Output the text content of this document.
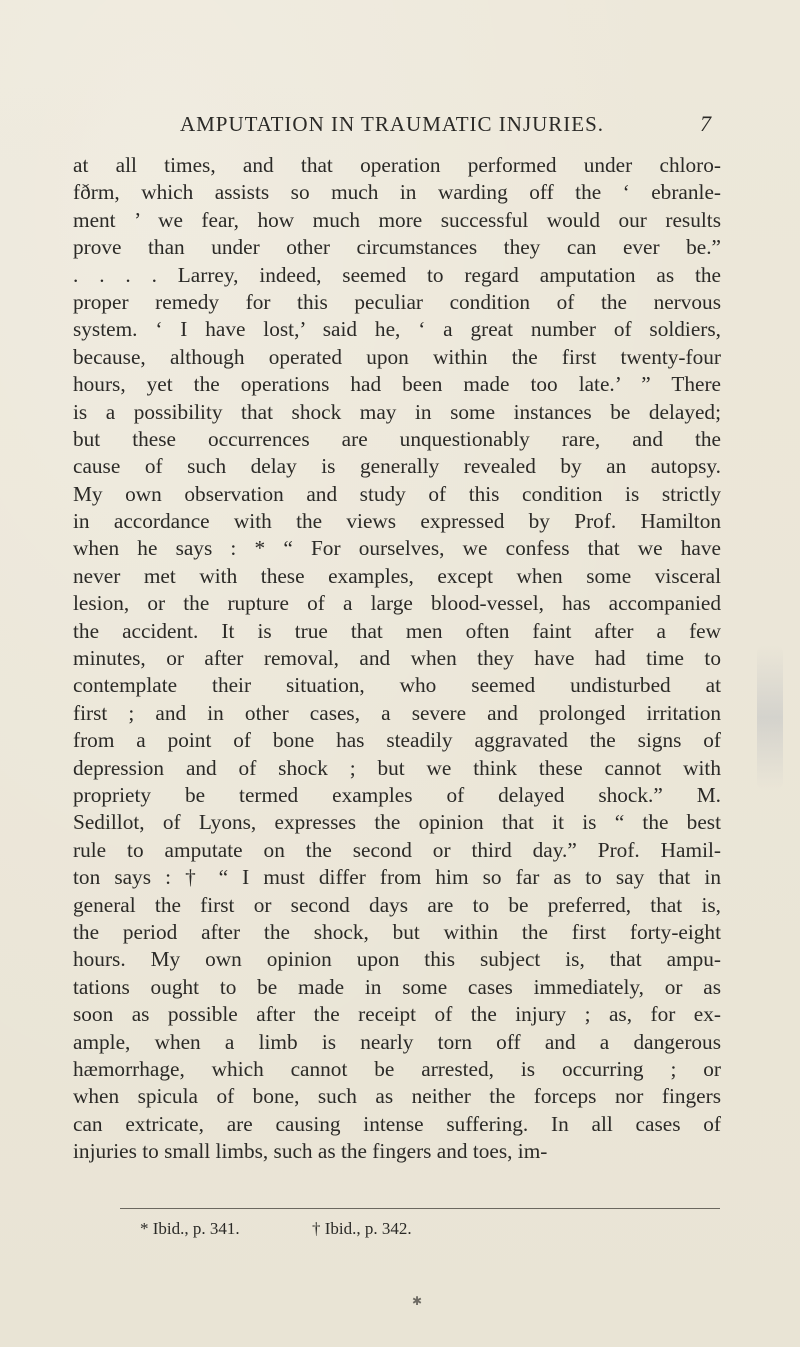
AMPUTATION IN TRAUMATIC INJURIES.	7
at all times, and that operation performed under chloro-
fðrm, which assists so much in warding off the ‘ ebranle-
ment ’ we fear, how much more successful would our results
prove than under other circumstances they can ever be.”
. . . . Larrey, indeed, seemed to regard amputation as the
proper remedy for this peculiar condition of the nervous
system. ‘ I have lost,’ said he, ‘ a great number of soldiers,
because, although operated upon within the first twenty-four
hours, yet the operations had been made too late.’ ” There
is a possibility that shock may in some instances be delayed;
but these occurrences are unquestionably rare, and the
cause of such delay is generally revealed by an autopsy.
My own observation and study of this condition is strictly
in accordance with the views expressed by Prof. Hamilton
when he says : * “ For ourselves, we confess that we have
never met with these examples, except when some visceral
lesion, or the rupture of a large blood-vessel, has accompanied
the accident. It is true that men often faint after a few
minutes, or after removal, and when they have had time to
contemplate their situation, who seemed undisturbed at
first ; and in other cases, a severe and prolonged irritation
from a point of bone has steadily aggravated the signs of
depression and of shock ; but we think these cannot with
propriety be termed examples of delayed shock.” M.
Sedillot, of Lyons, expresses the opinion that it is “ the best
rule to amputate on the second or third day.” Prof. Hamil-
ton says : † “ I must differ from him so far as to say that in
general the first or second days are to be preferred, that is,
the period after the shock, but within the first forty-eight
hours. My own opinion upon this subject is, that ampu-
tations ought to be made in some cases immediately, or as
soon as possible after the receipt of the injury ; as, for ex-
ample, when a limb is nearly torn off and a dangerous
hæmorrhage, which cannot be arrested, is occurring ; or
when spicula of bone, such as neither the forceps nor fingers
can extricate, are causing intense suffering. In all cases of
injuries to small limbs, such as the fingers and toes, im-
* Ibid., p. 341.	† Ibid., p. 342.
✱
